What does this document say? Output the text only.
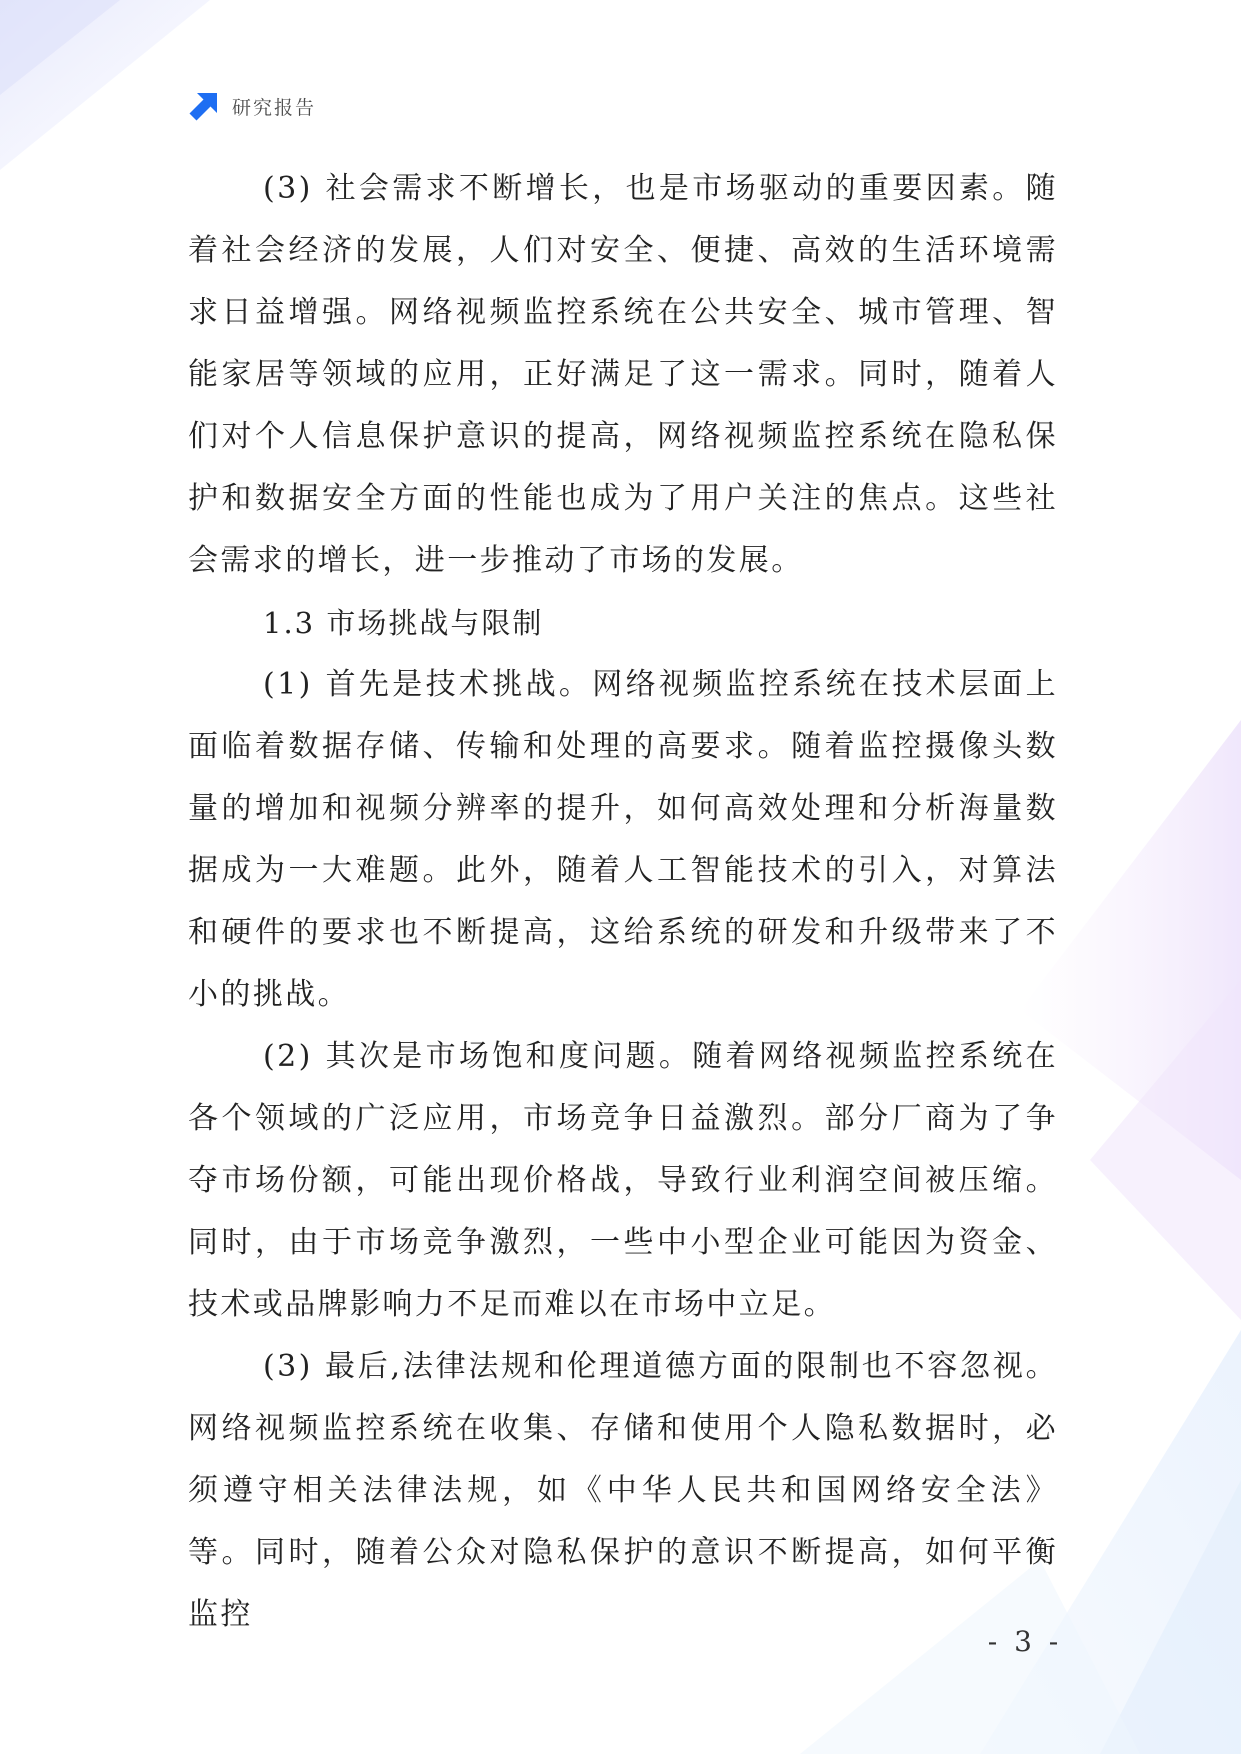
研究报告

(3) 社会需求不断增长，也是市场驱动的重要因素。随着社会经济的发展，人们对安全、便捷、高效的生活环境需求日益增强。网络视频监控系统在公共安全、城市管理、智能家居等领域的应用，正好满足了这一需求。同时，随着人们对个人信息保护意识的提高，网络视频监控系统在隐私保护和数据安全方面的性能也成为了用户关注的焦点。这些社会需求的增长，进一步推动了市场的发展。

1.3 市场挑战与限制

(1) 首先是技术挑战。网络视频监控系统在技术层面上面临着数据存储、传输和处理的高要求。随着监控摄像头数量的增加和视频分辨率的提升，如何高效处理和分析海量数据成为一大难题。此外，随着人工智能技术的引入，对算法和硬件的要求也不断提高，这给系统的研发和升级带来了不小的挑战。

(2) 其次是市场饱和度问题。随着网络视频监控系统在各个领域的广泛应用，市场竞争日益激烈。部分厂商为了争夺市场份额，可能出现价格战，导致行业利润空间被压缩。同时，由于市场竞争激烈，一些中小型企业可能因为资金、技术或品牌影响力不足而难以在市场中立足。

(3) 最后,法律法规和伦理道德方面的限制也不容忽视。网络视频监控系统在收集、存储和使用个人隐私数据时，必须遵守相关法律法规，如《中华人民共和国网络安全法》等。同时，随着公众对隐私保护的意识不断提高，如何平衡监控

- 3 -
